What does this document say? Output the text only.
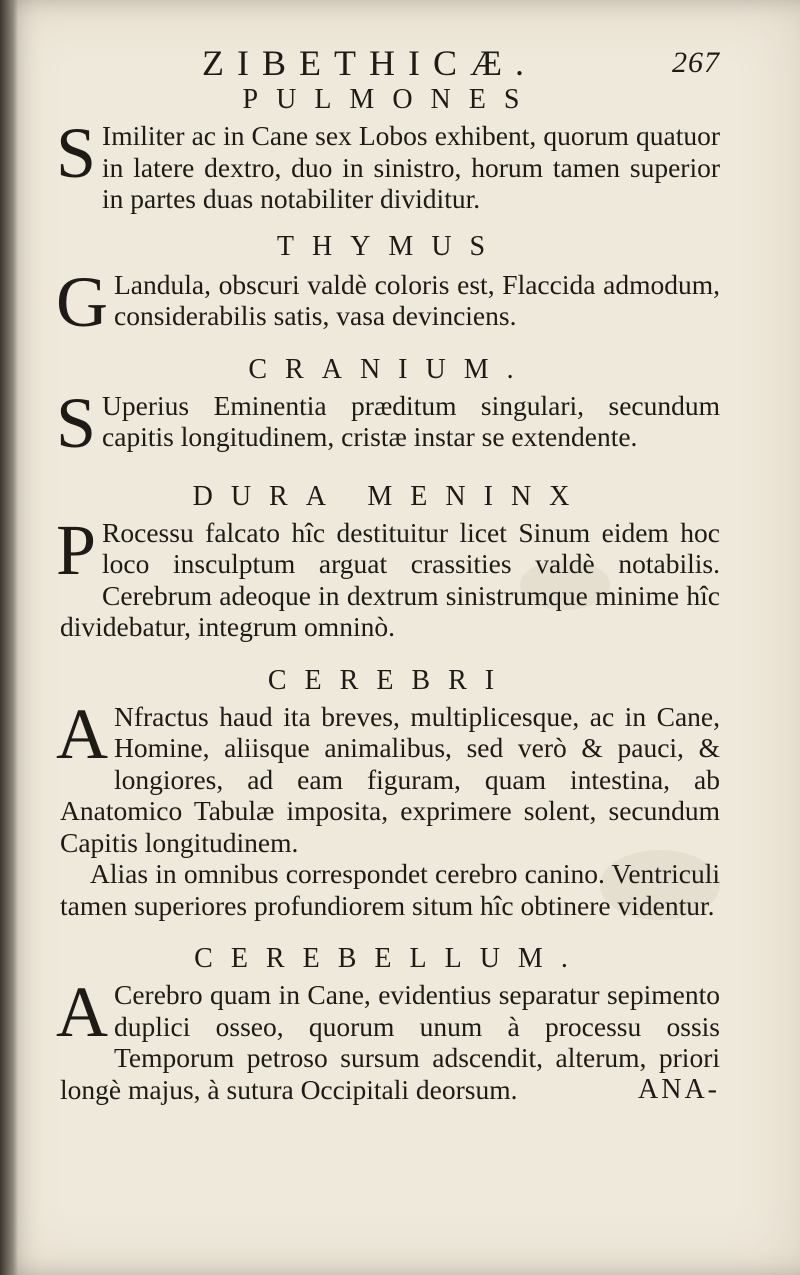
ZIBETHICÆ.	267
PULMONES
S Imiliter ac in Cane sex Lobos exhibent, quorum quatuor in latere dextro, duo in sinistro, horum tamen superior in partes duas notabiliter dividitur.

THYMUS
G Landula, obscuri valdè coloris est, Flaccida admodum, considerabilis satis, vasa devinciens.

CRANIUM.
S Uperius Eminentia præditum singulari, secundum capitis longitudinem, cristæ instar se extendente.

DURA MENINX
P Rocessu falcato hîc destituitur licet Sinum eidem hoc loco insculptum arguat crassities valdè notabilis. Cerebrum adeoque in dextrum sinistrumque minime hîc dividebatur, integrum omninò.

CEREBRI
A Nfractus haud ita breves, multiplicesque, ac in Cane, Homine, aliisque animalibus, sed verò & pauci, & longiores, ad eam figuram, quam intestina, ab Anatomico Tabulæ imposita, exprimere solent, secundum Capitis longitudinem.

Alias in omnibus correspondet cerebro canino. Ventriculi tamen superiores profundiorem situm hîc obtinere videntur.

CEREBELLUM.
A Cerebro quam in Cane, evidentius separatur sepimento duplici osseo, quorum unum à processu ossis Temporum petroso sursum adscendit, alterum, priori longè majus, à sutura Occipitali deorsum.	ANA-
